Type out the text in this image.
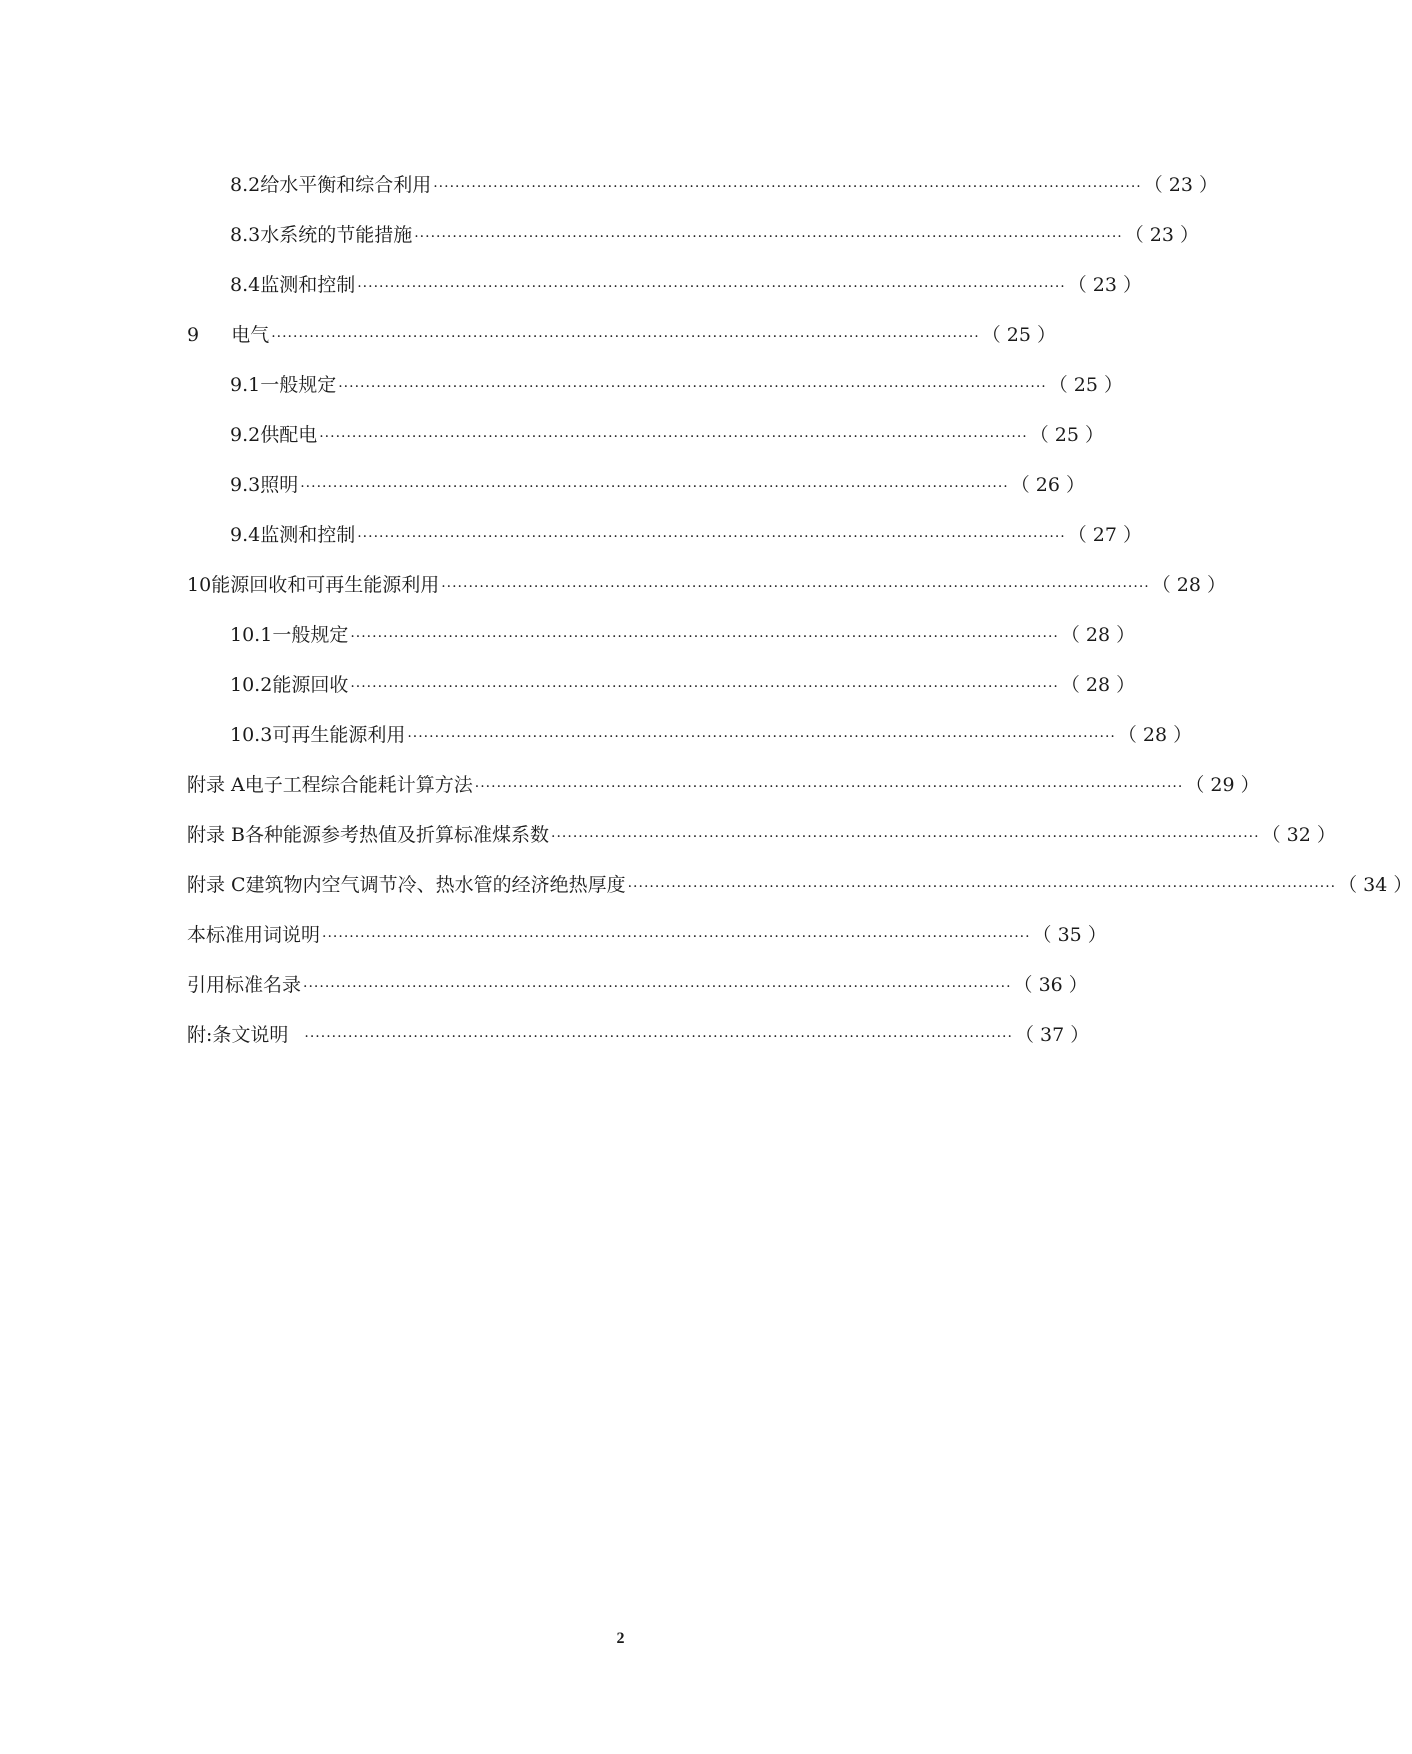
8.2 给水平衡和综合利用 ·································································································································· （ 23 ）
8.3 水系统的节能措施 ·································································································································· （ 23 ）
8.4 监测和控制 ·································································································································· （ 23 ）
9	电气 ·································································································································· （ 25 ）
9.1 一般规定 ·································································································································· （ 25 ）
9.2 供配电 ·································································································································· （ 25 ）
9.3 照明 ·································································································································· （ 26 ）
9.4 监测和控制 ·································································································································· （ 27 ）
10 能源回收和可再生能源利用 ·································································································································· （ 28 ）
10.1 一般规定 ·································································································································· （ 28 ）
10.2 能源回收 ·································································································································· （ 28 ）
10.3 可再生能源利用 ·································································································································· （ 28 ）
附录 A 电子工程综合能耗计算方法 ·································································································································· （ 29 ）
附录 B 各种能源参考热值及折算标准煤系数 ·································································································································· （ 32 ）
附录 C 建筑物内空气调节冷、热水管的经济绝热厚度 ·································································································································· （ 34 ）
本标准用词说明 ·································································································································· （ 35 ）
引用标准名录 ·································································································································· （ 36 ）
附:条文说明 ·································································································································· （ 37 ）
2
